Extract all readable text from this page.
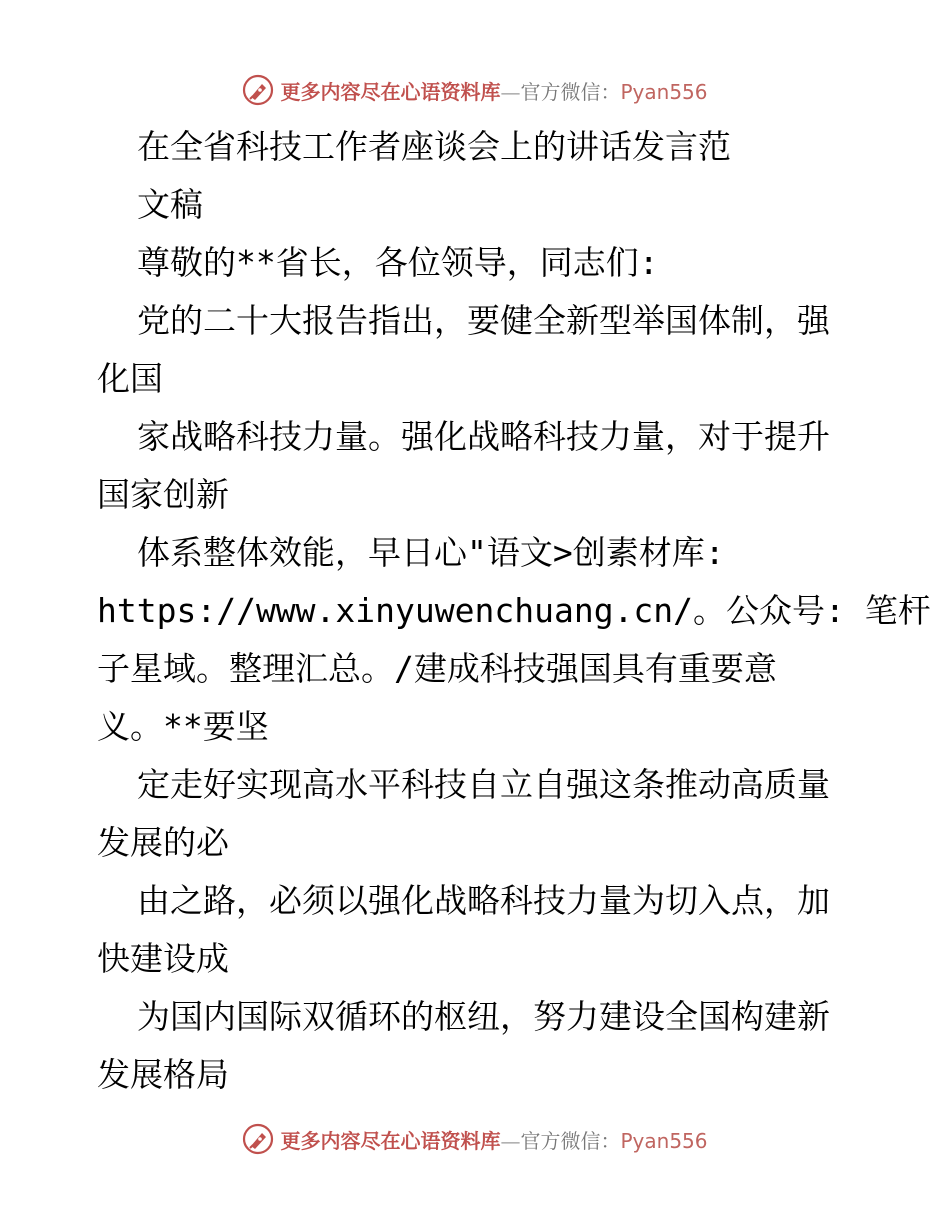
更多内容尽在心语资料库—官方微信：Pyan556
在全省科技工作者座谈会上的讲话发言范
文稿
尊敬的**省长，各位领导，同志们:
党的二十大报告指出，要健全新型举国体制，强
化国
家战略科技力量。强化战略科技力量，对于提升
国家创新
体系整体效能，早日心"语文>创素材库:
https://www.xinyuwenchuang.cn/。公众号: 笔杆
子星域。整理汇总。/建成科技强国具有重要意
义。**要坚
定走好实现高水平科技自立自强这条推动高质量
发展的必
由之路，必须以强化战略科技力量为切入点，加
快建设成
为国内国际双循环的枢纽，努力建设全国构建新
发展格局
更多内容尽在心语资料库—官方微信：Pyan556
